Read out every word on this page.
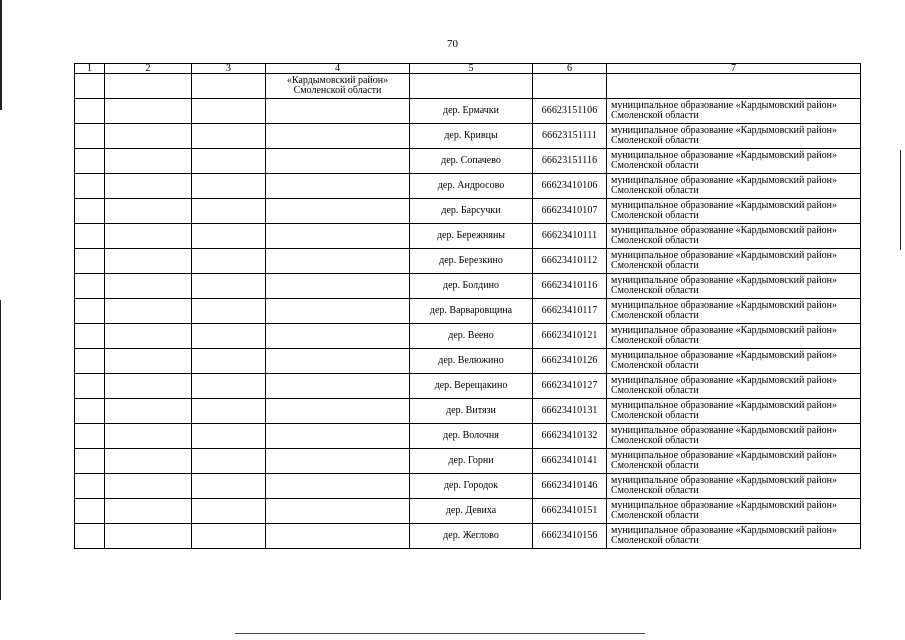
70
1	2	3	4	5	6	7
			«Кардымовский район» Смоленской области			
				дер. Ермачки	66623151106	муниципальное образование «Кардымовский район» Смоленской области
				дер. Кривцы	66623151111	муниципальное образование «Кардымовский район» Смоленской области
				дер. Сопачево	66623151116	муниципальное образование «Кардымовский район» Смоленской области
				дер. Андросово	66623410106	муниципальное образование «Кардымовский район» Смоленской области
				дер. Барсучки	66623410107	муниципальное образование «Кардымовский район» Смоленской области
				дер. Бережняны	66623410111	муниципальное образование «Кардымовский район» Смоленской области
				дер. Березкино	66623410112	муниципальное образование «Кардымовский район» Смоленской области
				дер. Болдино	66623410116	муниципальное образование «Кардымовский район» Смоленской области
				дер. Варваровщина	66623410117	муниципальное образование «Кардымовский район» Смоленской области
				дер. Веено	66623410121	муниципальное образование «Кардымовский район» Смоленской области
				дер. Велюжино	66623410126	муниципальное образование «Кардымовский район» Смоленской области
				дер. Верещакино	66623410127	муниципальное образование «Кардымовский район» Смоленской области
				дер. Витязи	66623410131	муниципальное образование «Кардымовский район» Смоленской области
				дер. Волочня	66623410132	муниципальное образование «Кардымовский район» Смоленской области
				дер. Горни	66623410141	муниципальное образование «Кардымовский район» Смоленской области
				дер. Городок	66623410146	муниципальное образование «Кардымовский район» Смоленской области
				дер. Девиха	66623410151	муниципальное образование «Кардымовский район» Смоленской области
				дер. Жеглово	66623410156	муниципальное образование «Кардымовский район» Смоленской области
